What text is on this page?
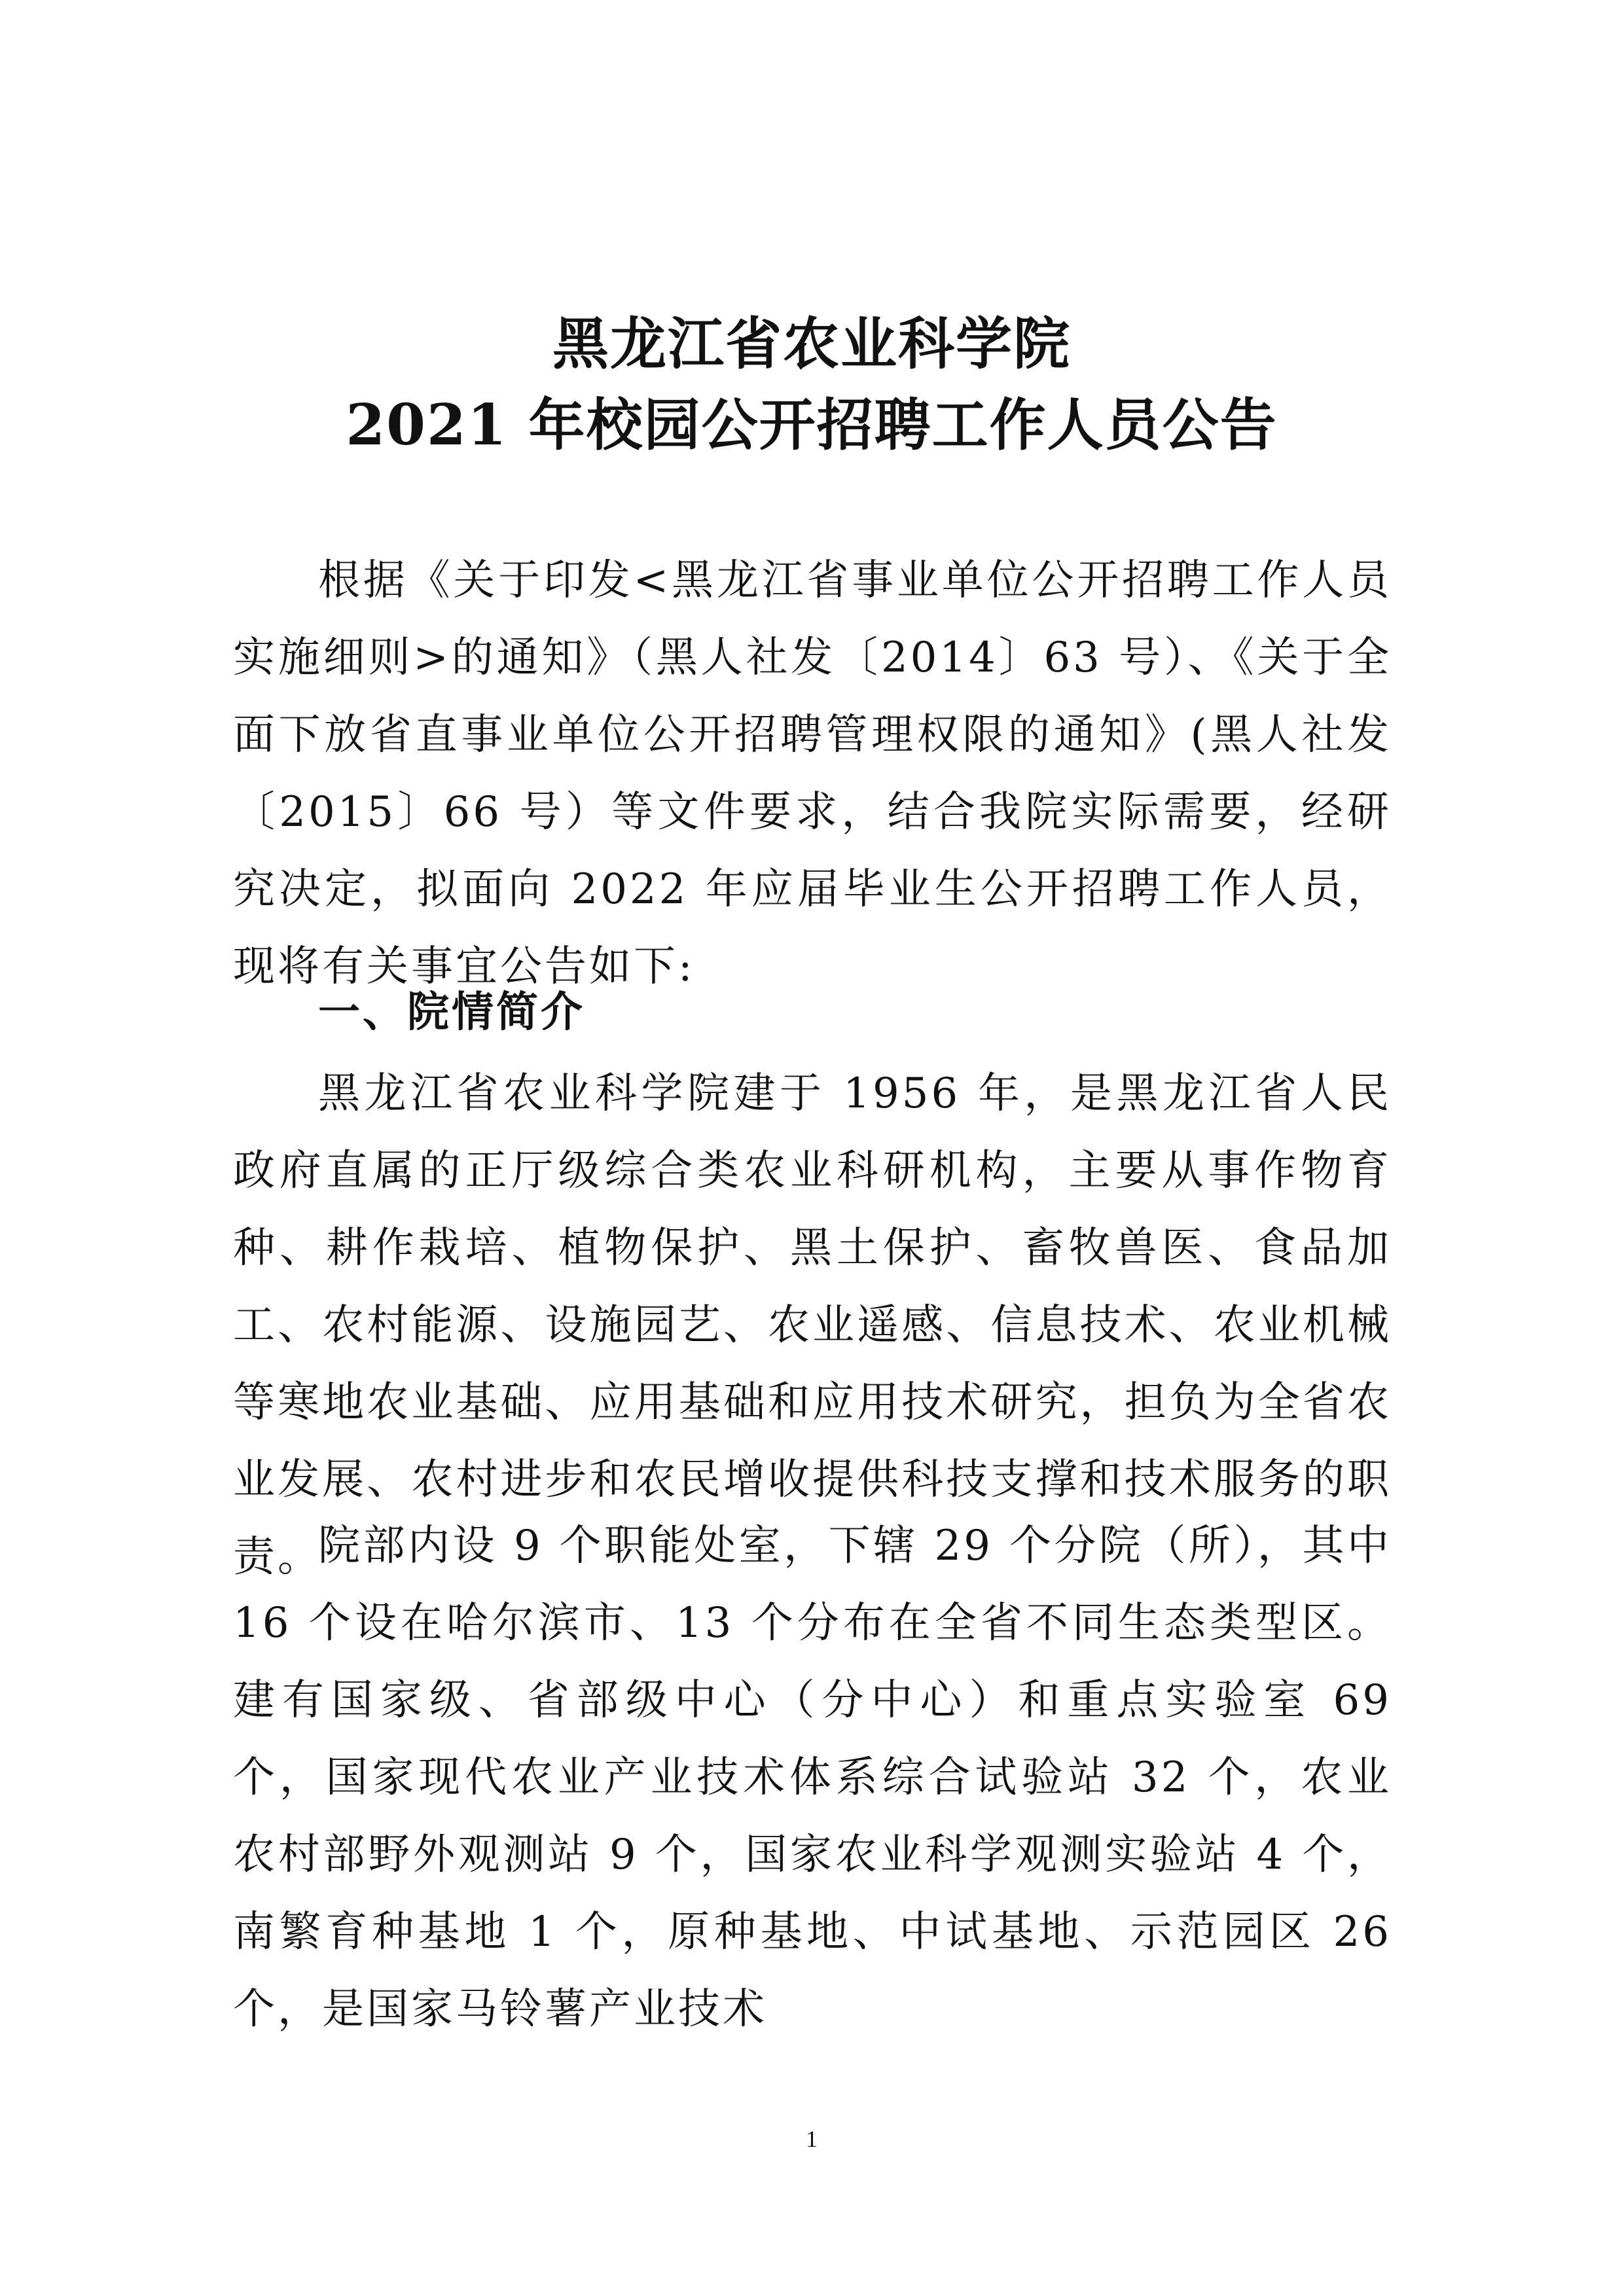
黑龙江省农业科学院
2021 年校园公开招聘工作人员公告
根据《关于印发<黑龙江省事业单位公开招聘工作人员实施细则>的通知》（黑人社发〔2014〕63 号）、《关于全面下放省直事业单位公开招聘管理权限的通知》(黑人社发〔2015〕66 号）等文件要求，结合我院实际需要，经研究决定，拟面向 2022 年应届毕业生公开招聘工作人员，现将有关事宜公告如下:
一、院情简介
黑龙江省农业科学院建于 1956 年，是黑龙江省人民政府直属的正厅级综合类农业科研机构，主要从事作物育种、耕作栽培、植物保护、黑土保护、畜牧兽医、食品加工、农村能源、设施园艺、农业遥感、信息技术、农业机械等寒地农业基础、应用基础和应用技术研究，担负为全省农业发展、农村进步和农民增收提供科技支撑和技术服务的职责。
院部内设 9 个职能处室，下辖 29 个分院（所），其中 16 个设在哈尔滨市、13 个分布在全省不同生态类型区。建有国家级、省部级中心（分中心）和重点实验室 69 个，国家现代农业产业技术体系综合试验站 32 个，农业农村部野外观测站 9 个，国家农业科学观测实验站 4 个，南繁育种基地 1 个，原种基地、中试基地、示范园区 26 个，是国家马铃薯产业技术
1
